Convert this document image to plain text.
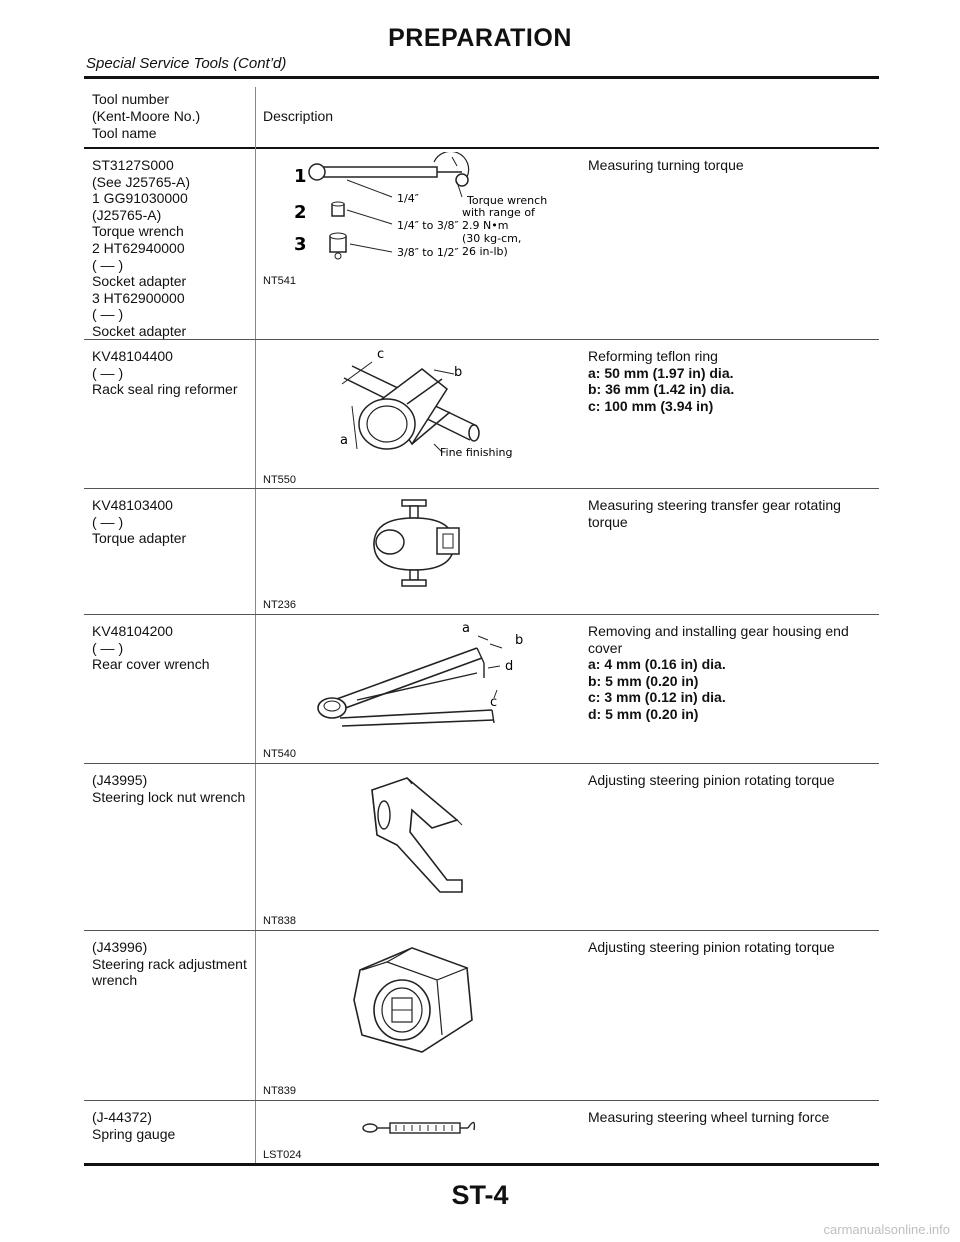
PREPARATION
Special Service Tools (Cont’d)
Tool number
(Kent-Moore No.)
Tool name
Description
ST3127S000
(See J25765-A)
1 GG91030000
(J25765-A)
Torque wrench
2 HT62940000
( — )
Socket adapter
3 HT62900000
( — )
Socket adapter
1
2
3
1/4″
1/4″ to 3/8″
3/8″ to 1/2″
Torque wrench
with range of
2.9 N•m
(30 kg-cm,
26 in-lb)
NT541
Measuring turning torque
KV48104400
( — )
Rack seal ring reformer
c
b
a
Fine finishing
NT550
Reforming teflon ring
a: 50 mm (1.97 in) dia.
b: 36 mm (1.42 in) dia.
c: 100 mm (3.94 in)
KV48103400
( — )
Torque adapter
NT236
Measuring steering transfer gear rotating torque
KV48104200
( — )
Rear cover wrench
a
b
d
c
NT540
Removing and installing gear housing end cover
a: 4 mm (0.16 in) dia.
b: 5 mm (0.20 in)
c: 3 mm (0.12 in) dia.
d: 5 mm (0.20 in)
(J43995)
Steering lock nut wrench
NT838
Adjusting steering pinion rotating torque
(J43996)
Steering rack adjustment
wrench
NT839
Adjusting steering pinion rotating torque
(J-44372)
Spring gauge
LST024
Measuring steering wheel turning force
ST-4
carmanualsonline.info
